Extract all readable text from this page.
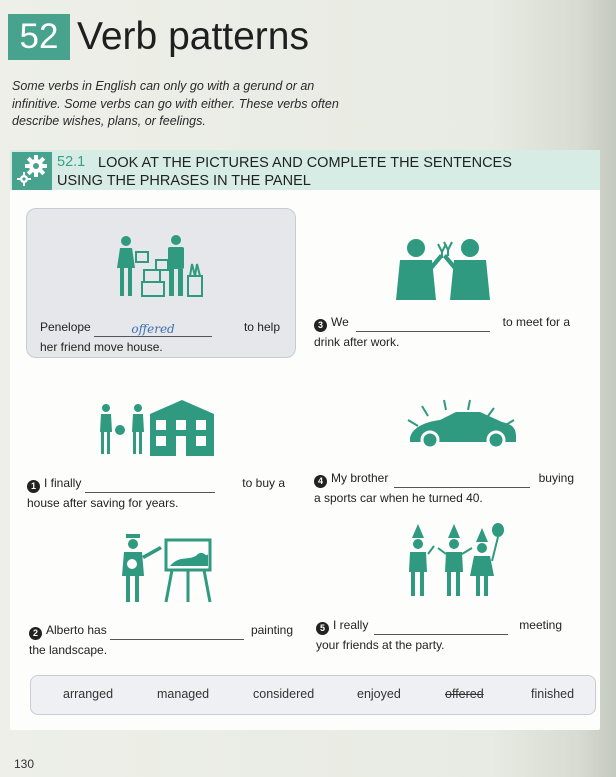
52 Verb patterns

Some verbs in English can only go with a gerund or an infinitive. Some verbs can go with either. These verbs often describe wishes, plans, or feelings.

52.1 LOOK AT THE PICTURES AND COMPLETE THE SENTENCES USING THE PHRASES IN THE PANEL
Penelope	offered	to help
her friend move house.
1 I finally	to buy a
house after saving for years.
2 Alberto has	painting
the landscape.
3 We	to meet for a
drink after work.
4 My brother	buying
a sports car when he turned 40.
5 I really	meeting
your friends at the party.
arranged	managed	considered	enjoyed	offered	finished
130
